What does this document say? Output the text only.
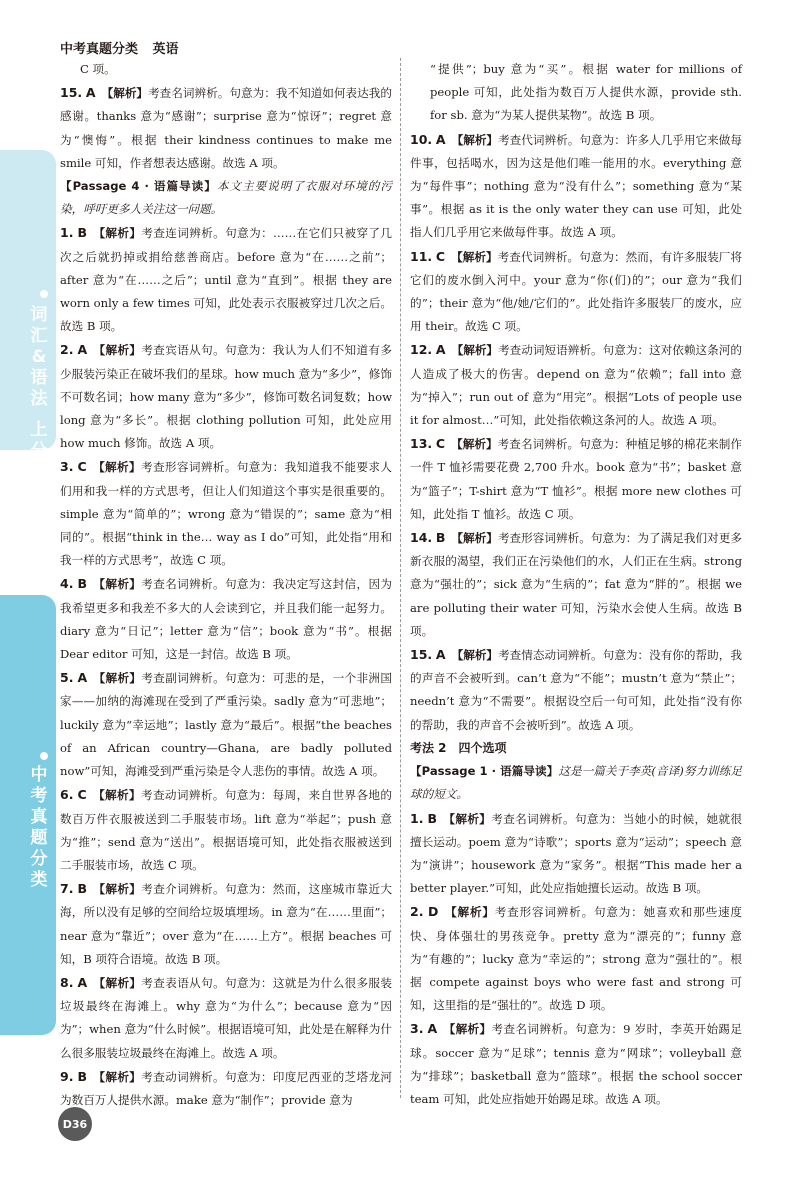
中考真题分类 英语
词汇&语法
上分集训
中考真题分类

C 项。

15. A 【解析】考查名词辨析。句意为：我不知道如何表达我的感谢。thanks 意为“感谢”；surprise 意为“惊讶”；regret 意为“懊悔”。根据 their kindness continues to make me smile 可知，作者想表达感谢。故选 A 项。

【Passage 4 · 语篇导读】本文主要说明了衣服对环境的污染，呼吁更多人关注这一问题。

1. B 【解析】考查连词辨析。句意为：……在它们只被穿了几次之后就扔掉或捐给慈善商店。before 意为“在……之前”；after 意为“在……之后”；until 意为“直到”。根据 they are worn only a few times 可知，此处表示衣服被穿过几次之后。故选 B 项。

2. A 【解析】考查宾语从句。句意为：我认为人们不知道有多少服装污染正在破坏我们的星球。how much 意为“多少”，修饰不可数名词；how many 意为“多少”，修饰可数名词复数；how long 意为“多长”。根据 clothing pollution 可知，此处应用 how much 修饰。故选 A 项。

3. C 【解析】考查形容词辨析。句意为：我知道我不能要求人们用和我一样的方式思考，但让人们知道这个事实是很重要的。simple 意为“简单的”；wrong 意为“错误的”；same 意为“相同的”。根据“think in the… way as I do”可知，此处指“用和我一样的方式思考”，故选 C 项。

4. B 【解析】考查名词辨析。句意为：我决定写这封信，因为我希望更多和我差不多大的人会读到它，并且我们能一起努力。diary 意为“日记”；letter 意为“信”；book 意为“书”。根据 Dear editor 可知，这是一封信。故选 B 项。

5. A 【解析】考查副词辨析。句意为：可悲的是，一个非洲国家——加纳的海滩现在受到了严重污染。sadly 意为“可悲地”；luckily 意为“幸运地”；lastly 意为“最后”。根据“the beaches of an African country—Ghana, are badly polluted now”可知，海滩受到严重污染是令人悲伤的事情。故选 A 项。

6. C 【解析】考查动词辨析。句意为：每周，来自世界各地的数百万件衣服被送到二手服装市场。lift 意为“举起”；push 意为“推”；send 意为“送出”。根据语境可知，此处指衣服被送到二手服装市场，故选 C 项。

7. B 【解析】考查介词辨析。句意为：然而，这座城市靠近大海，所以没有足够的空间给垃圾填埋场。in 意为“在……里面”；near 意为“靠近”；over 意为“在……上方”。根据 beaches 可知，B 项符合语境。故选 B 项。

8. A 【解析】考查表语从句。句意为：这就是为什么很多服装垃圾最终在海滩上。why 意为“为什么”；because 意为“因为”；when 意为“什么时候”。根据语境可知，此处是在解释为什么很多服装垃圾最终在海滩上。故选 A 项。

9. B 【解析】考查动词辨析。句意为：印度尼西亚的芝塔龙河为数百万人提供水源。make 意为“制作”；provide 意为

“提供”；buy 意为“买”。根据 water for millions of people 可知，此处指为数百万人提供水源，provide sth. for sb. 意为“为某人提供某物”。故选 B 项。

10. A 【解析】考查代词辨析。句意为：许多人几乎用它来做每件事，包括喝水，因为这是他们唯一能用的水。everything 意为“每件事”；nothing 意为“没有什么”；something 意为“某事”。根据 as it is the only water they can use 可知，此处指人们几乎用它来做每件事。故选 A 项。

11. C 【解析】考查代词辨析。句意为：然而，有许多服装厂将它们的废水倒入河中。your 意为“你(们)的”；our 意为“我们的”；their 意为“他/她/它们的”。此处指许多服装厂的废水，应用 their。故选 C 项。

12. A 【解析】考查动词短语辨析。句意为：这对依赖这条河的人造成了极大的伤害。depend on 意为“依赖”；fall into 意为“掉入”；run out of 意为“用完”。根据“Lots of people use it for almost…”可知，此处指依赖这条河的人。故选 A 项。

13. C 【解析】考查名词辨析。句意为：种植足够的棉花来制作一件 T 恤衫需要花费 2,700 升水。book 意为“书”；basket 意为“篮子”；T-shirt 意为“T 恤衫”。根据 more new clothes 可知，此处指 T 恤衫。故选 C 项。

14. B 【解析】考查形容词辨析。句意为：为了满足我们对更多新衣服的渴望，我们正在污染他们的水，人们正在生病。strong 意为“强壮的”；sick 意为“生病的”；fat 意为“胖的”。根据 we are polluting their water 可知，污染水会使人生病。故选 B 项。

15. A 【解析】考查情态动词辨析。句意为：没有你的帮助，我的声音不会被听到。can’t 意为“不能”；mustn’t 意为“禁止”；needn’t 意为“不需要”。根据设空后一句可知，此处指“没有你的帮助，我的声音不会被听到”。故选 A 项。

考法 2　四个选项

【Passage 1 · 语篇导读】这是一篇关于李英(音译)努力训练足球的短文。

1. B 【解析】考查名词辨析。句意为：当她小的时候，她就很擅长运动。poem 意为“诗歌”；sports 意为“运动”；speech 意为“演讲”；housework 意为“家务”。根据“This made her a better player.”可知，此处应指她擅长运动。故选 B 项。

2. D 【解析】考查形容词辨析。句意为：她喜欢和那些速度快、身体强壮的男孩竞争。pretty 意为“漂亮的”；funny 意为“有趣的”；lucky 意为“幸运的”；strong 意为“强壮的”。根据 compete against boys who were fast and strong 可知，这里指的是“强壮的”。故选 D 项。

3. A 【解析】考查名词辨析。句意为：9 岁时，李英开始踢足球。soccer 意为“足球”；tennis 意为“网球”；volleyball 意为“排球”；basketball 意为“篮球”。根据 the school soccer team 可知，此处应指她开始踢足球。故选 A 项。

D36
